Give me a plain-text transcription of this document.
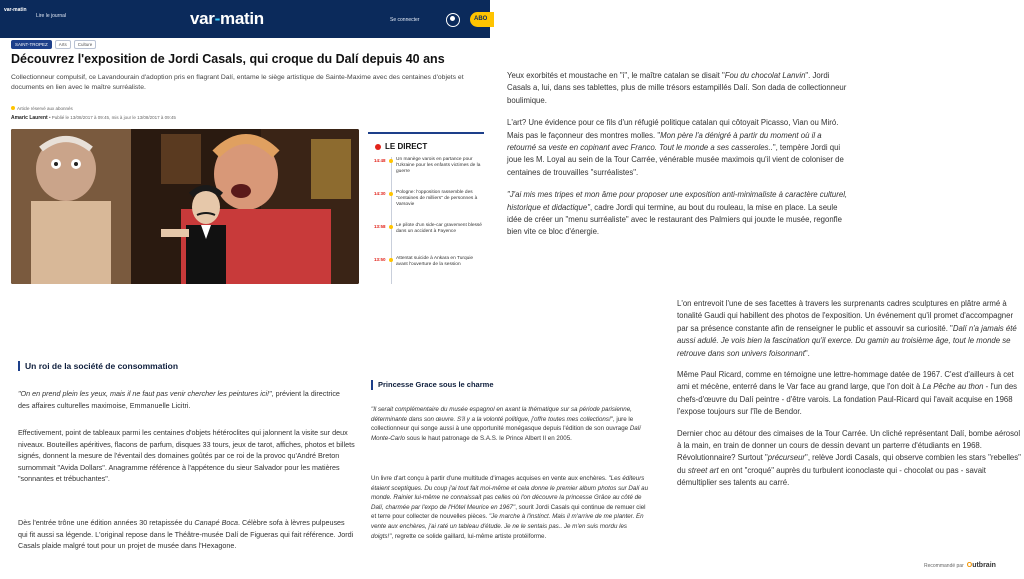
var-matin
Lire le journal	var-matin	Se connecter	ABO
SAINT-TROPEZ	Arts	Culture
Découvrez l'exposition de Jordi Casals, qui croque du Dalí depuis 40 ans

Collectionneur compulsif, ce Lavandourain d'adoption pris en flagrant Dalí, entame le siège artistique de Sainte-Maxime avec des centaines d'objets et documents en lien avec le maître surréaliste.

Article réservé aux abonnés
Amaric Laurent • Publié le 13/08/2017 à 09:45, mis à jour le 13/08/2017 à 09:45
LE DIRECT
14:48 Un manège varois en partance pour l'Ukraine pour les enfants victimes de la guerre
14:30 Pologne: l'opposition rassemble des "centaines de milliers" de personnes à Varsovie
13:58 Le pilote d'un side-car gravement blessé dans un accident à Fayence
13:50 Attentat suicide à Ankara en Turquie avant l'ouverture de la session
Un roi de la société de consommation

"On en prend plein les yeux, mais il ne faut pas venir chercher les peintures ici!", prévient la directrice des affaires culturelles maximoise, Emmanuelle Licitri.

Effectivement, point de tableaux parmi les centaines d'objets hétéroclites qui jalonnent la visite sur deux niveaux. Bouteilles apéritives, flacons de parfum, disques 33 tours, jeux de tarot, affiches, photos et billets signés, donnent la mesure de l'éventail des domaines goûtés par ce roi de la provoc qu'André Breton surnommait "Avida Dollars". Anagramme référence à l'appétence du sieur Salvador pour les matières "sonnantes et trébuchantes".

Dès l'entrée trône une édition années 30 retapissée du Canapé Boca. Célèbre sofa à lèvres pulpeuses qui fit aussi sa légende. L'original repose dans le Théâtre-musée Dalí de Figueras qui fait référence. Jordi Casals plaide malgré tout pour un projet de musée dans l'Hexagone.

Princesse Grace sous le charme

"Il serait complémentaire du musée espagnol en axant la thématique sur sa période parisienne, déterminante dans son œuvre. S'il y a la volonté politique, j'offre toutes mes collections!", jure le collectionneur qui songe aussi à une opportunité monégasque depuis l'édition de son ouvrage Dalí Monte-Carlo sous le haut patronage de S.A.S. le Prince Albert II en 2005.

Un livre d'art conçu à partir d'une multitude d'images acquises en vente aux enchères. "Les éditeurs étaient sceptiques. Du coup j'ai tout fait moi-même et cela donne le premier album photos sur Dalí au monde. Rainier lui-même ne connaissait pas celles où l'on découvre la princesse Grâce au côté de Dalí, charmée par l'expo de l'Hôtel Meurice en 1967", sourit Jordi Casals qui continue de remuer ciel et terre pour collecter de nouvelles pièces. "Je marche à l'instinct. Mais il m'arrive de me planter. En vente aux enchères, j'ai raté un tableau d'étude. Je ne le sentais pas.. Je m'en suis mordu les doigts!", regrette ce solide gaillard, lui-même artiste protéiforme.

Yeux exorbités et moustache en "i", le maître catalan se disait "Fou du chocolat Lanvin". Jordi Casals a, lui, dans ses tablettes, plus de mille trésors estampillés Dalí. Son dada de collectionneur boulimique.

L'art? Une évidence pour ce fils d'un réfugié politique catalan qui côtoyait Picasso, Vian ou Miró. Mais pas le façonneur des montres molles. "Mon père l'a dénigré à partir du moment où il a retourné sa veste en copinant avec Franco. Tout le monde a ses casseroles..", tempère Jordi qui joue les M. Loyal au sein de la Tour Carrée, vénérable musée maximois qu'il vient de coloniser de centaines de trouvailles "surréalistes".

"J'ai mis mes tripes et mon âme pour proposer une exposition anti-minimaliste à caractère culturel, historique et didactique", cadre Jordi qui termine, au bout du rouleau, la mise en place. La seule idée de créer un "menu surréaliste" avec le restaurant des Palmiers qui jouxte le musée, regonfle bien vite ce bloc d'énergie.

L'on entrevoit l'une de ses facettes à travers les surprenants cadres sculptures en plâtre armé à tonalité Gaudi qui habillent des photos de l'exposition. Un événement qu'il promet d'accompagner par sa présence constante afin de renseigner le public et assouvir sa curiosité. "Dalí n'a jamais été aussi adulé. Je vois bien la fascination qu'il exerce. Du gamin au troisième âge, tout le monde se retrouve dans son univers foisonnant".

Même Paul Ricard, comme en témoigne une lettre-hommage datée de 1967. C'est d'ailleurs à cet ami et mécène, enterré dans le Var face au grand large, que l'on doit à La Pêche au thon - l'un des chefs-d'œuvre du Dalí peintre - d'être varois. La fondation Paul-Ricard qui l'avait acquise en 1968 l'expose toujours sur l'île de Bendor.

Dernier choc au détour des cimaises de la Tour Carrée. Un cliché représentant Dalí, bombe aérosol à la main, en train de donner un cours de dessin devant un parterre d'étudiants en 1968. Révolutionnaire? Surtout "précurseur", relève Jordi Casals, qui observe combien les stars "rebelles" du street art en ont "croqué" auprès du turbulent iconoclaste qui - chocolat ou pas - savait démultiplier ses talents au carré.

Recommandé par Outbrain
